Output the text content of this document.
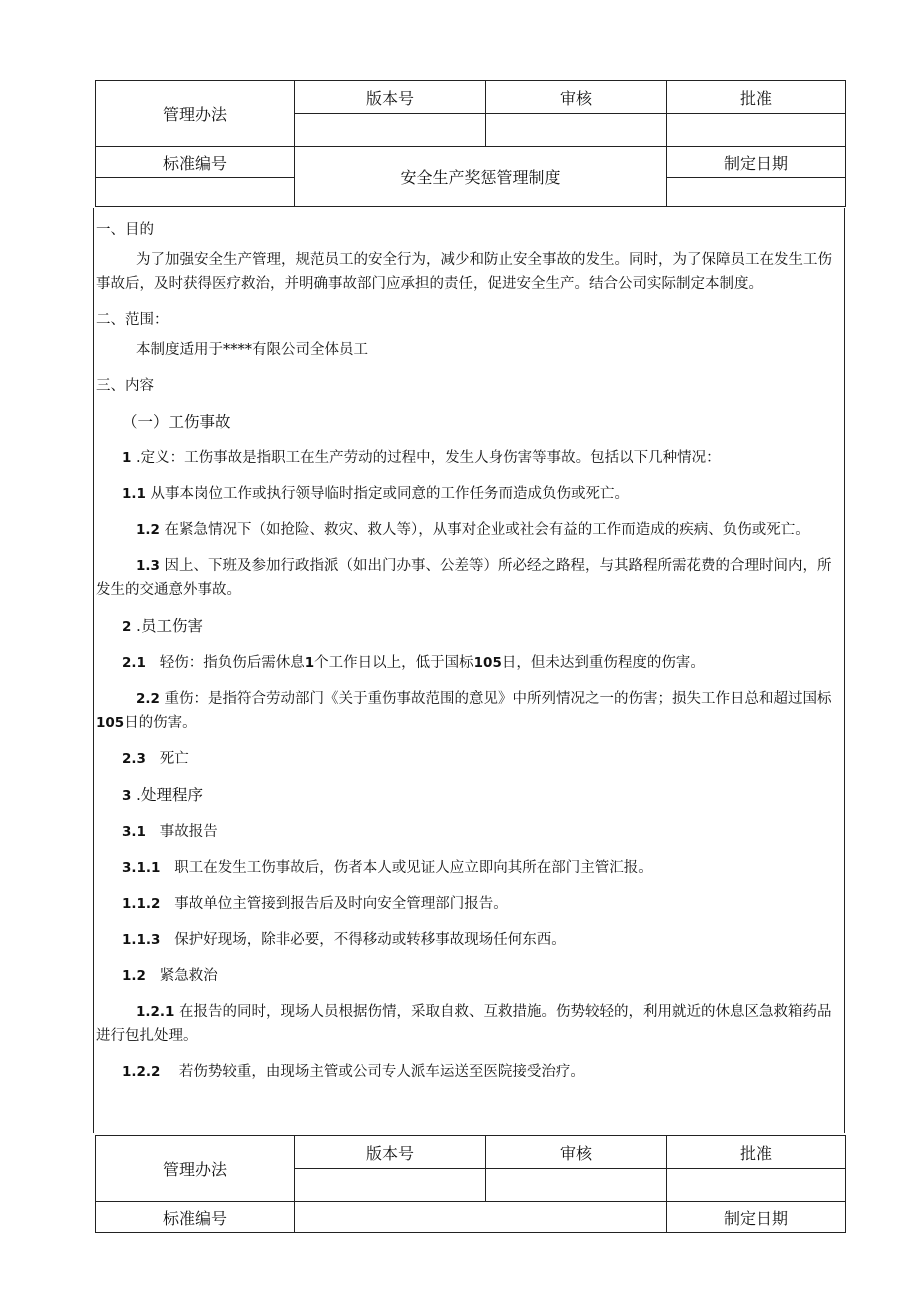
管理办法	版本号	审核	批准

标准编号	安全生产奖惩管理制度		制定日期

一、目的

为了加强安全生产管理，规范员工的安全行为，减少和防止安全事故的发生。同时，为了保障员工在发生工伤事故后，及时获得医疗救治，并明确事故部门应承担的责任，促进安全生产。结合公司实际制定本制度。

二、范围：

本制度适用于****有限公司全体员工

三、内容

（一）工伤事故

1 .定义：工伤事故是指职工在生产劳动的过程中，发生人身伤害等事故。包括以下几种情况：

1.1 从事本岗位工作或执行领导临时指定或同意的工作任务而造成负伤或死亡。

1.2 在紧急情况下（如抢险、救灾、救人等），从事对企业或社会有益的工作而造成的疾病、负伤或死亡。

1.3 因上、下班及参加行政指派（如出门办事、公差等）所必经之路程，与其路程所需花费的合理时间内，所发生的交通意外事故。

2 .员工伤害

2.1 轻伤：指负伤后需休息1个工作日以上，低于国标105日，但未达到重伤程度的伤害。

2.2 重伤：是指符合劳动部门《关于重伤事故范围的意见》中所列情况之一的伤害；损失工作日总和超过国标105日的伤害。

2.3 死亡

3 .处理程序

3.1 事故报告

3.1.1 职工在发生工伤事故后，伤者本人或见证人应立即向其所在部门主管汇报。

1.1.2 事故单位主管接到报告后及时向安全管理部门报告。

1.1.3 保护好现场，除非必要，不得移动或转移事故现场任何东西。

1.2 紧急救治

1.2.1 在报告的同时，现场人员根据伤情，采取自救、互救措施。伤势较轻的，利用就近的休息区急救箱药品进行包扎处理。

1.2.2 若伤势较重，由现场主管或公司专人派车运送至医院接受治疗。

管理办法	版本号	审核	批准

标准编号			制定日期
